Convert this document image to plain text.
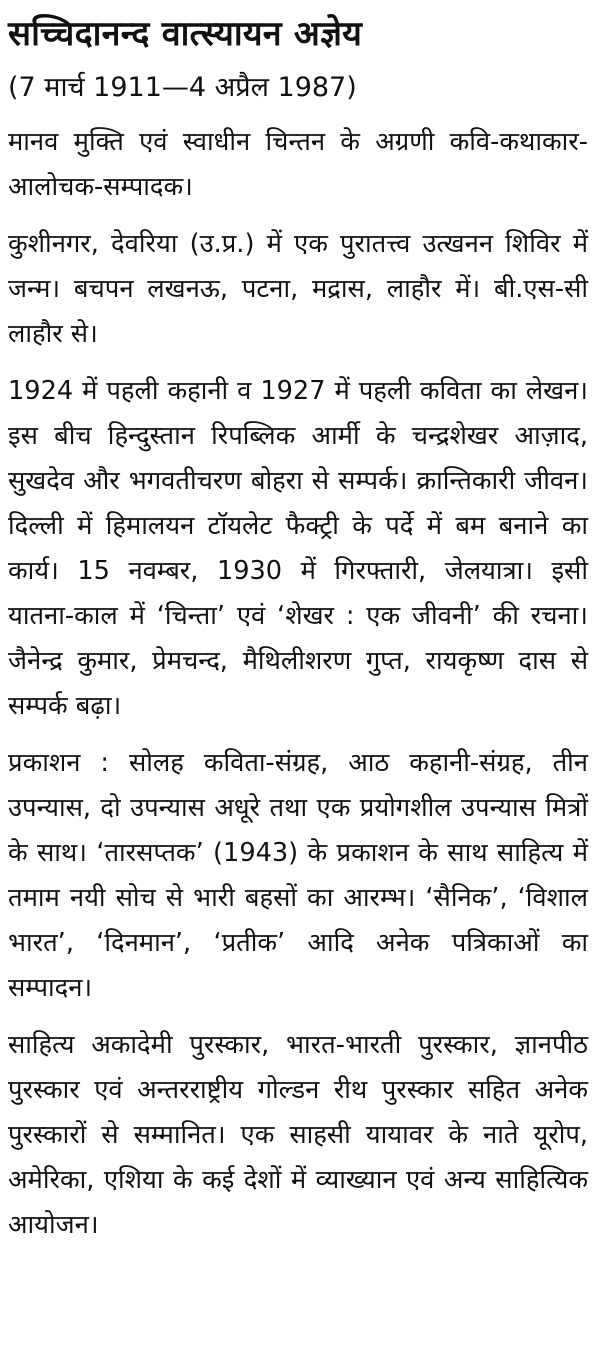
सच्चिदानन्द वात्स्यायन अज्ञेय

(7 मार्च 1911—4 अप्रैल 1987)

मानव मुक्ति एवं स्वाधीन चिन्तन के अग्रणी कवि-कथाकार-आलोचक-सम्पादक।

कुशीनगर, देवरिया (उ.प्र.) में एक पुरातत्त्व उत्खनन शिविर में जन्म। बचपन लखनऊ, पटना, मद्रास, लाहौर में। बी.एस-सी लाहौर से।

1924 में पहली कहानी व 1927 में पहली कविता का लेखन। इस बीच हिन्दुस्तान रिपब्लिक आर्मी के चन्द्रशेखर आज़ाद, सुखदेव और भगवतीचरण बोहरा से सम्पर्क। क्रान्तिकारी जीवन। दिल्ली में हिमालयन टॉयलेट फैक्ट्री के पर्दे में बम बनाने का कार्य। 15 नवम्बर, 1930 में गिरफ्तारी, जेलयात्रा। इसी यातना-काल में ‘चिन्ता’ एवं ‘शेखर : एक जीवनी’ की रचना। जैनेन्द्र कुमार, प्रेमचन्द, मैथिलीशरण गुप्त, रायकृष्ण दास से सम्पर्क बढ़ा।

प्रकाशन : सोलह कविता-संग्रह, आठ कहानी-संग्रह, तीन उपन्यास, दो उपन्यास अधूरे तथा एक प्रयोगशील उपन्यास मित्रों के साथ। ‘तारसप्तक’ (1943) के प्रकाशन के साथ साहित्य में तमाम नयी सोच से भारी बहसों का आरम्भ। ‘सैनिक’, ‘विशाल भारत’, ‘दिनमान’, ‘प्रतीक’ आदि अनेक पत्रिकाओं का सम्पादन।

साहित्य अकादेमी पुरस्कार, भारत-भारती पुरस्कार, ज्ञानपीठ पुरस्कार एवं अन्तरराष्ट्रीय गोल्डन रीथ पुरस्कार सहित अनेक पुरस्कारों से सम्मानित। एक साहसी यायावर के नाते यूरोप, अमेरिका, एशिया के कई देशों में व्याख्यान एवं अन्य साहित्यिक आयोजन।
